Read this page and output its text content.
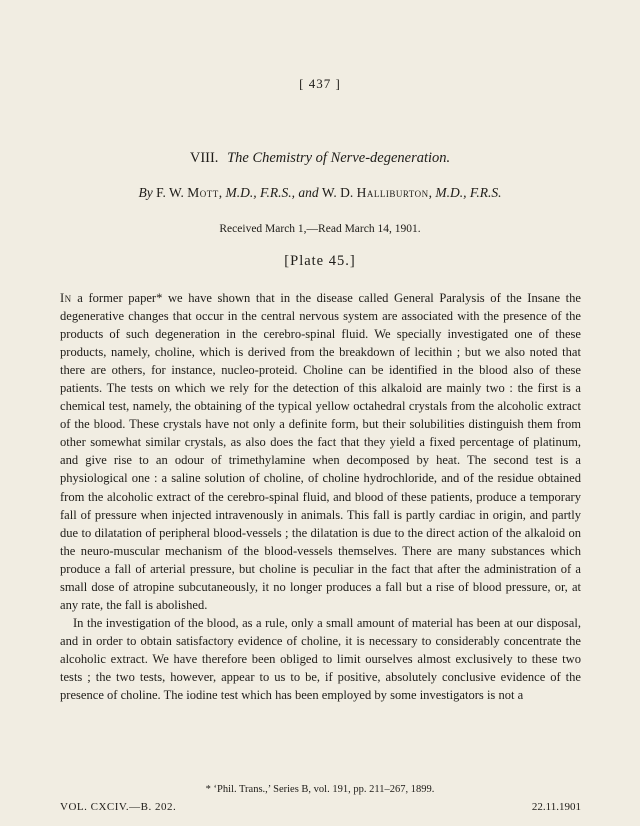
[ 437 ]
VIII. The Chemistry of Nerve-degeneration.
By F. W. Mott, M.D., F.R.S., and W. D. Halliburton, M.D., F.R.S.
Received March 1,—Read March 14, 1901.
[Plate 45.]

In a former paper* we have shown that in the disease called General Paralysis of the Insane the degenerative changes that occur in the central nervous system are associated with the presence of the products of such degeneration in the cerebro-spinal fluid. We specially investigated one of these products, namely, choline, which is derived from the breakdown of lecithin ; but we also noted that there are others, for instance, nucleo-proteid. Choline can be identified in the blood also of these patients. The tests on which we rely for the detection of this alkaloid are mainly two : the first is a chemical test, namely, the obtaining of the typical yellow octahedral crystals from the alcoholic extract of the blood. These crystals have not only a definite form, but their solubilities distinguish them from other somewhat similar crystals, as also does the fact that they yield a fixed percentage of platinum, and give rise to an odour of trimethylamine when decomposed by heat. The second test is a physiological one : a saline solution of choline, of choline hydrochloride, and of the residue obtained from the alcoholic extract of the cerebro-spinal fluid, and blood of these patients, produce a temporary fall of pressure when injected intravenously in animals. This fall is partly cardiac in origin, and partly due to dilatation of peripheral blood-vessels ; the dilatation is due to the direct action of the alkaloid on the neuro-muscular mechanism of the blood-vessels themselves. There are many substances which produce a fall of arterial pressure, but choline is peculiar in the fact that after the administration of a small dose of atropine subcutaneously, it no longer produces a fall but a rise of blood pressure, or, at any rate, the fall is abolished.

In the investigation of the blood, as a rule, only a small amount of material has been at our disposal, and in order to obtain satisfactory evidence of choline, it is necessary to considerably concentrate the alcoholic extract. We have therefore been obliged to limit ourselves almost exclusively to these two tests ; the two tests, however, appear to us to be, if positive, absolutely conclusive evidence of the presence of choline. The iodine test which has been employed by some investigators is not a

* ‘Phil. Trans.,’ Series B, vol. 191, pp. 211–267, 1899.
VOL. CXCIV.—B. 202.	22.11.1901
